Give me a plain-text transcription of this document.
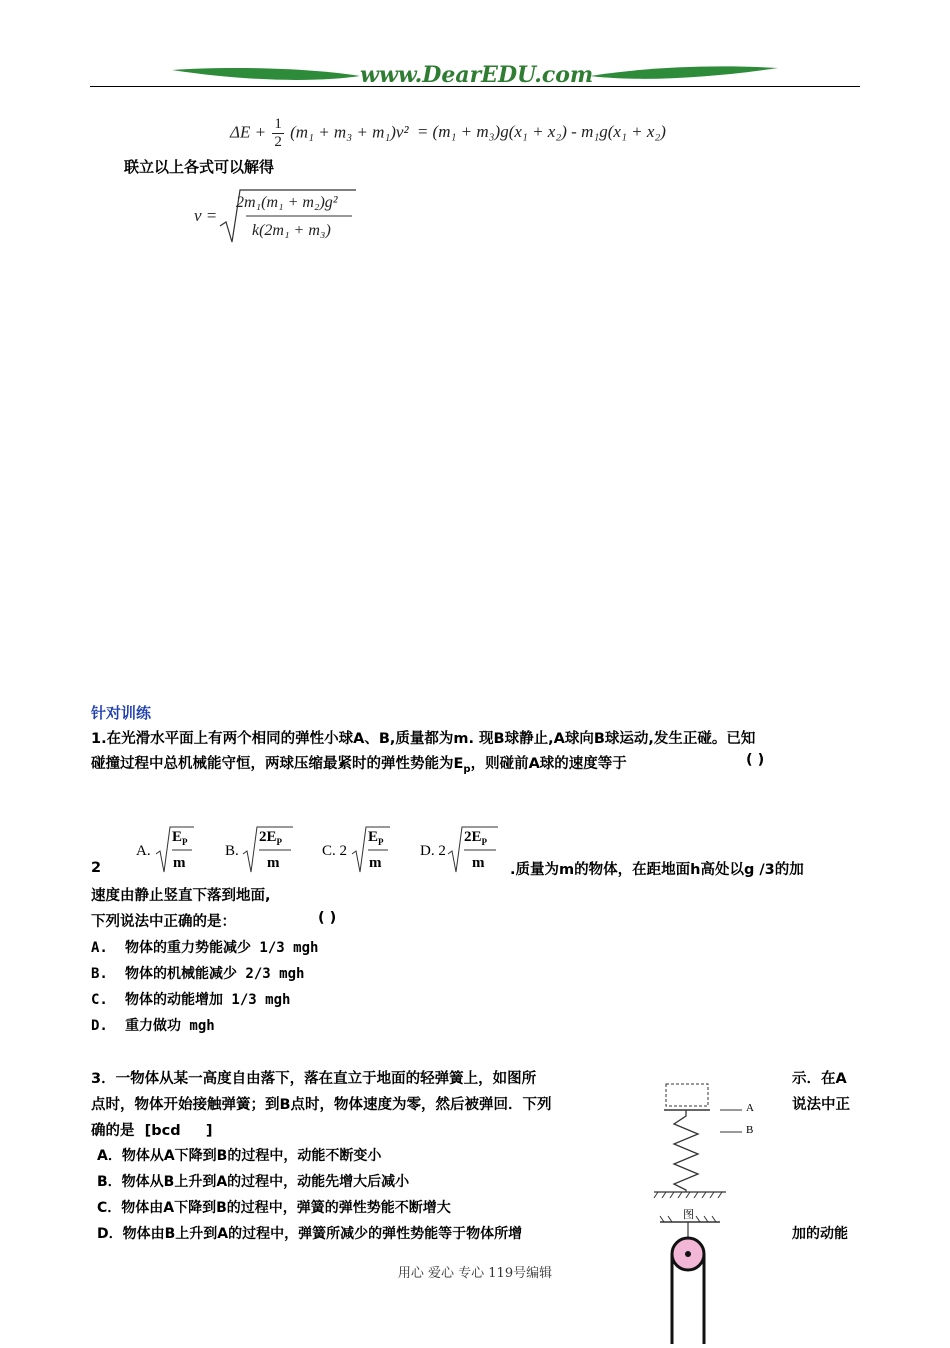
www.DearEDU.com
$\Delta E + \frac{1}{2} (m_1 + m_3 + m_1)v^2 = (m_1 + m_3)g(x_1 + x_2) - m_1g(x_1 + x_2)$
联立以上各式可以解得
v =
2m₁(m₁ + m₂)g²
k(2m₁ + m₃)
针对训练
1.在光滑水平面上有两个相同的弹性小球A、B,质量都为m. 现B球静止,A球向B球运动,发生正碰。已知
碰撞过程中总机械能守恒，两球压缩最紧时的弹性势能为$E_p$，则碰前A球的速度等于	( )
A.
$E_P$
m
B.
$2E_P$
m
C. 2
$E_P$
m
D. 2
$2E_P$
m
2	.质量为m的物体，在距地面h高处以g /3的加
速度由静止竖直下落到地面,
下列说法中正确的是：	( )
A. 物体的重力势能减少 1/3 mgh
B. 物体的机械能减少 2/3 mgh
C. 物体的动能增加 1/3 mgh
D. 重力做功 mgh
3．一物体从某一高度自由落下，落在直立于地面的轻弹簧上，如图所	示．在A
点时，物体开始接触弹簧；到B点时，物体速度为零，然后被弹回．下列	说法中正
确的是  [bcd     ]
A．物体从A下降到B的过程中，动能不断变小
B．物体从B上升到A的过程中，动能先增大后减小
C．物体由A下降到B的过程中，弹簧的弹性势能不断增大
D．物体由B上升到A的过程中，弹簧所减少的弹性势能等于物体所增	加的动能
A
B
图
用心 爱心 专心 119号编辑
